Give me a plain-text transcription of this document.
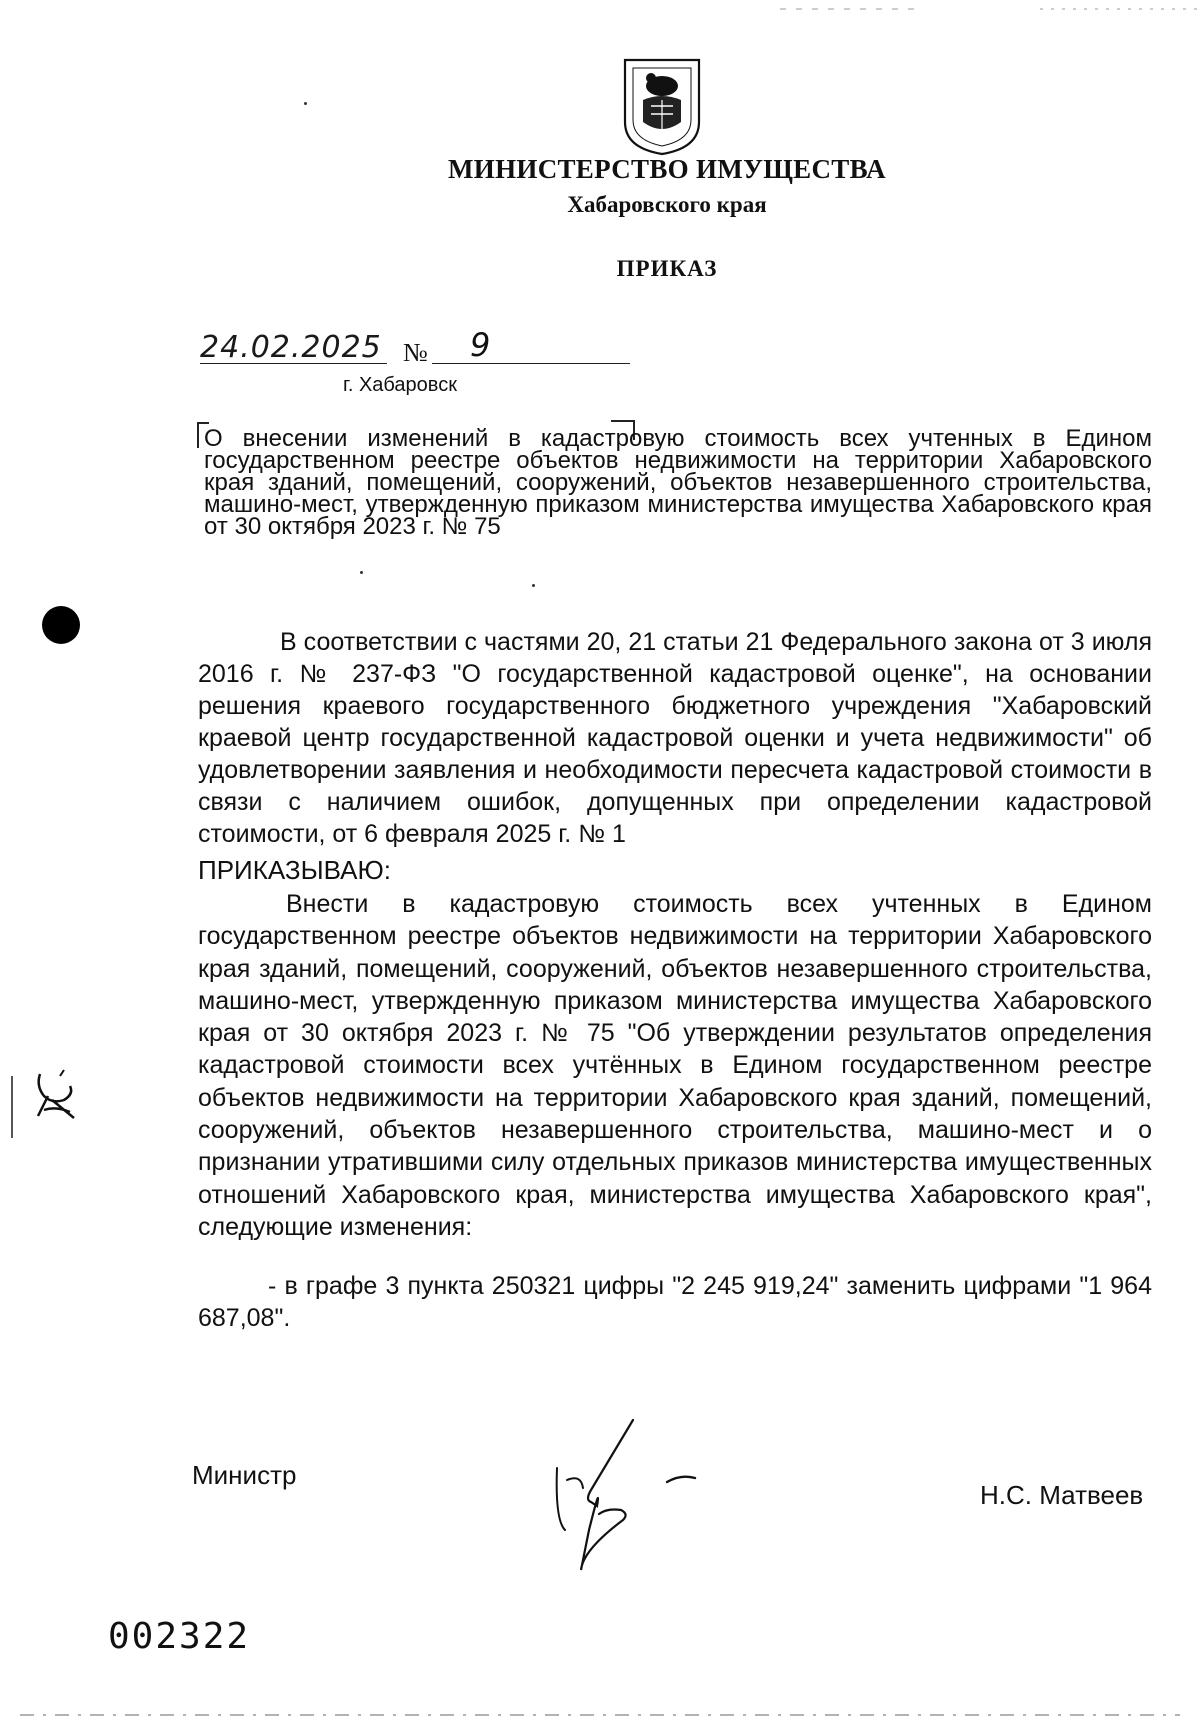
МИНИСТЕРСТВО ИМУЩЕСТВА
Хабаровского края
ПРИКАЗ
24.02.2025 № 9
г. Хабаровск
О внесении изменений в кадастровую стоимость всех учтенных в Едином государственном реестре объектов недвижимости на территории Хабаровского края зданий, помещений, сооружений, объектов незавершенного строительства, машино-мест, утвержденную приказом министерства имущества Хабаровского края от 30 октября 2023 г. № 75
В соответствии с частями 20, 21 статьи 21 Федерального закона от 3 июля 2016 г. № 237-ФЗ "О государственной кадастровой оценке", на основании решения краевого государственного бюджетного учреждения "Хабаровский краевой центр государственной кадастровой оценки и учета недвижимости" об удовлетворении заявления и необходимости пересчета кадастровой стоимости в связи с наличием ошибок, допущенных при определении кадастровой стоимости, от 6 февраля 2025 г. № 1
ПРИКАЗЫВАЮ:
Внести в кадастровую стоимость всех учтенных в Едином государственном реестре объектов недвижимости на территории Хабаровского края зданий, помещений, сооружений, объектов незавершенного строительства, машино-мест, утвержденную приказом министерства имущества Хабаровского края от 30 октября 2023 г. № 75 "Об утверждении результатов определения кадастровой стоимости всех учтённых в Едином государственном реестре объектов недвижимости на территории Хабаровского края зданий, помещений, сооружений, объектов незавершенного строительства, машино-мест и о признании утратившими силу отдельных приказов министерства имущественных отношений Хабаровского края, министерства имущества Хабаровского края", следующие изменения:
- в графе 3 пункта 250321 цифры "2 245 919,24" заменить цифрами "1 964 687,08".
Министр
Н.С. Матвеев
002322
